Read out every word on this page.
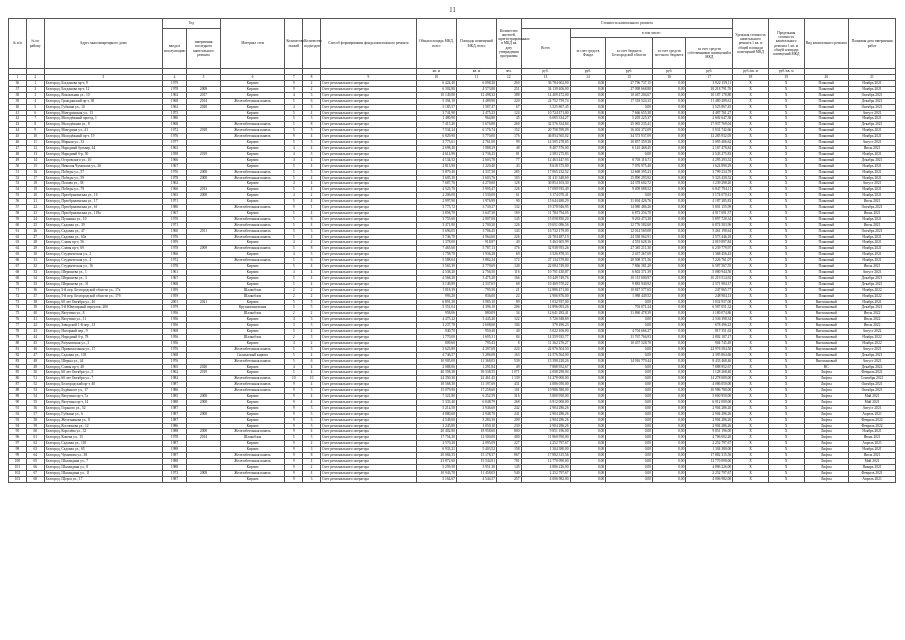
11
№ п/п	№ по району	Адрес многоквартирного дома	Год		Материал стен	Количество этажей	Количество подъездов	Способ формирования фонда капитального ремонта	Общая площадь МКД, всего	Площадь помещений МКД, всего	Количество жителей, зарегистрированных в МКД на дату утверждения программы	Стоимость капитального ремонта					Удельная стоимость капитального ремонта 1 кв. м общей площади помещений МКД	Предельная стоимость капитального ремонта 1 кв. м общей площади помещений МКД	Вид капитального ремонта	Плановая дата завершения работ
			ввода в эксплуатацию	завершения последнего капитального ремонта								Всего	в том числе:							
													за счет средств Фонда	за счет бюджета Белгородской области	за счет средств местного бюджета	за счет средств собственников помещений в МКД				
									кв. м	кв. м	чел.	руб.	руб.	руб.	руб.	руб.	руб./кв. м	руб./кв. м		
1	2	3	4	5	6	7	8	9	10	11	12	13	14	15	16	17	18	19	20	21
36	1	Белгород, Богданова пр-т, 9	1979		Кирпич	9	2	Счет регионального оператора	6 424,40	6 098,20	260	36 784 602,00	0,00	27 796 737,15	0,00	3 922 159,11	Х	Х	Плановый	Ноябрь 2021
37	2	Белгород, Богданова пр-т, 12	1978	2008	Кирпич	9	2	Счет регионального оператора	6 302,80	4 573,80	251	34 139 406,00	0,00	27 098 668,88	0,00	10 218 791,76	Х	Х	Плановый	Ноябрь 2021
38	3	Белгород, Вокзальная ул., 10	1962	2017	Кирпич	4	3	Счет регионального оператора	10 149,80	12 498,32	388	14 409 472,00	0,00	10 467 204,67	0,00	10 187 178,80	Х	Х	Плановый	Октябрь 2021
39	4	Белгород, Гражданский пр-т, 38	1968	2014	Железобетонная панель	5	6	Счет регионального оператора	5 394,10	4 489,90	220	24 752 759,74	0,00	17 318 524,33	0,00	11 480 289,61	Х	Х	Плановый	Декабрь 2021
40	5	Белгород, Губкина ул., 10	1962	2020	Кирпич	4	3	Счет регионального оператора	3 185,57	1 587,47	67	3 525 867,45	0,00	0,00	0,00	3 525 867,45	Х	Х	Плановый	Октябрь 2021
41	6	Белгород, Мичуринская ул., 13	1975		Кирпич	5	4	Счет регионального оператора	3 741,90	2 475,25	124	10 724 471,00	0,00	7 666 655,38	0,00	4 487 761,27	Х	Х	Плановый	Август 2021
42	7	Белгород, Молодёжный проезд, 1	1980		Кирпич	5	3	Счет регионального оператора	1 480,90	964,80	45	6 085 334,27	0,00	5 205 225,37	0,00	2 602 647,38	Х	Х	Плановый	Ноябрь 2021
43	8	Белгород, Молодёжная ул., 8	1968		Железобетонная панель	5	8	Счет регионального оператора	7 415,20	5 676,80	260	32 576 334,84	0,00	25 065 235,41	0,00	17 937 769,04	Х	Х	Плановый	Декабрь 2021
44	9	Белгород, Мичурина ул., 41	1972	2018	Железобетонная панель	5	5	Счет регионального оператора	7 534,24	6 176,74	152	20 758 599,09	0,00	16 402 372,09	0,00	5 031 742,66	Х	Х	Плановый	Ноябрь 2021
45	10	Белгород, Молодёжный пр-т, 19	1976		Железобетонная панель	9	4	Счет регионального оператора	6 829,90	5 770,00	176	46 854 565,02	0,00	34 373 937,09	0,00	12 285 932,05	Х	Х	Плановый	Ноябрь 2021
46	11	Белгород, Мирная ул., 33	1977		Кирпич	5	3	Счет регионального оператора	3 775,61	2 761,00	99	14 505 278,05	0,00	10 857 359,38	0,00	3 095 406,62	Х	Х	Плановый	Август 2021
47	12	Белгород, Народный бульвар, 44	1963		Кирпич	4	4	Счет регионального оператора	2 698,40	1 988,29	48	8 407 576,00	0,00	6 145 468,45	0,00	2 167 478,84	Х	Х	Плановый	Июль 2021
48	13	Белгород, Народный б-р, 50	1958	2019	Кирпич	4	3	Счет регионального оператора	4 614,90	2 736,25	81	2 583 275,83	0,00	0,00	0,00	2 543 275,83	Х	Х	Плановый	Ноябрь 2021
49	14	Белгород, Островского ул., 10	1966		Кирпич	4	4	Счет регионального оператора	4 134,52	2 603,78	77	12 463 447,93	0,00	8 703 116,71	0,00	4 295 293,52	Х	Х	Плановый	Декабрь 2021
50	15	Белгород, Николая Чумичова ул., 26	1967		Кирпич	5	4	Счет регионального оператора	2 813,90	1 220,40	43	8 618 375,00	0,00	7 076 975,40	0,00	1 624 890,29	Х	Х	Плановый	Ноябрь 2021
51	16	Белгород, Победы ул., 57	1976	2008	Железобетонная панель	5	5	Счет регионального оператора	5 879,40	4 337,30	285	17 065 232,52	0,00	12 668 395,23	0,00	3 799 234,78	Х	Х	Плановый	Ноябрь 2021
52	17	Белгород, Победы ул., 59	1978	2008	Железобетонная панель	5	4	Счет регионального оператора	3 605,30	2 603,76	103	31 411 348,69	0,00	15 890 293,92	0,00	5 323 430,52	Х	Х	Плановый	Ноябрь 2021
53	18	Белгород, Попова ул., 38	1962		Кирпич	4	4	Счет регионального оператора	7 687,70	4 270,00	128	30 854 103,30	0,00	24 378 602,72	0,00	1 239 298,20	Х	Х	Плановый	Август 2021
54	19	Белгород, Победы ул., 79	1966	2013	Кирпич	5	4	Счет регионального оператора	4 525,70	3 995,47	126	17 099 935,49	0,00	9 409 088,52	0,00	6 847 794,11	Х	Х	Плановый	Ноябрь 2021
55	20	Белгород, Преображенская ул., 16	1963	2008	Кирпич	4	2	Счет регионального оператора	2 206,00	1 530,00	61	3 174 070,41	0,00	0,00	0,00	3 174 070,41	Х	Х	Плановый	Ноябрь 2021
56	21	Белгород, Преображенская ул., 17	1971		Кирпич	5	4	Счет регионального оператора	2 997,90	1 976,99	90	15 644 480,29	0,00	11 694 426,76	0,00	4 187 285,83	Х	Х	Плановый	Июль 2021
57	22	Белгород, Преображенская ул., 61	1980		Железобетонная панель	9	1	Счет регионального оператора	3 775,72	3 739,27	132	19 378 946,95	0,00	14 080 486,26	0,00	5 801 155,99	Х	Х	Плановый	Октябрь 2021
58	23	Белгород, Преображенская ул., 118а	1967		Кирпич	5	4	Счет регионального оператора	3 858,70	3 647,30	169	11 784 794,05	0,00	6 872 254,78	0,00	4 917 691,57	Х	Х	Плановый	Июнь 2021
59	24	Белгород, Пушкина ул., 10	1970		Железобетонная панель	5	6	Счет регионального оператора	3 755,60	2 807,00	145	15 058 850,20	0,00	9 263 473,38	0,00	5 897 720,34	Х	Х	Плановый	Ноябрь 2021
60	25	Белгород, Садовая ул., 39	1971		Железобетонная панель	5	4	Счет регионального оператора	3 471,80	2 700,30	126	19 651 086,56	0,00	12 776 582,60	0,00	6 874 503,96	Х	Х	Плановый	Июль 2021
61	26	Белгород, Садовая ул., 47	1960	2011	Железобетонная панель	5	3	Счет регионального оператора	5 696,05	3 706,45	143	16 732 179,09	0,00	12 014 569,08	0,00	5 461 198,64	Х	Х	Плановый	Октябрь 2021
62	27	Белгород, Садовая ул., 65а	1976		Железобетонная панель	5	4	Счет регионального оператора	5 746,70	4 964,60	226	24 784 487,19	0,00	24 358 062,91	0,00	2 573 446,29	Х	Х	Плановый	Ноябрь 2021
63	28	Белгород, Славы пр-т, 56	1959		Кирпич	4	2	Счет регионального оператора	1 378,00	918,87	40	5 463 605,99	0,00	4 553 628,16	0,00	2 019 897,84	Х	Х	Плановый	Ноябрь 2021
64	29	Белгород, Славы пр-т, 69	1978	2009	Железобетонная панель	5	8	Счет регионального оператора	7 465,60	5 787,13	176	32 938 955,26	0,00	27 381 211,30	0,00	6 239 779,97	Х	Х	Плановый	Ноябрь 2021
65	30	Белгород, Студенческая ул., 2	1966		Кирпич	4	3	Счет регионального оператора	1 758,70	1 936,28	69	3 526 878,33	0,00	2 437 267,69	0,00	1 368 456,43	Х	Х	Плановый	Ноябрь 2021
66	31	Белгород, Студенческая ул., 4	1972		Железобетонная панель	5	6	Счет регионального оператора	5 588,64	3 882,24	172	27 134 379,80	0,00	20 308 371,56	0,00	7 226 761,07	Х	Х	Плановый	Ноябрь 2021
67	32	Белгород, Студенческая ул., 16	1978		Кирпич	5	4	Счет регионального оператора	3 565,39	2 779,69	140	22 084 749,00	0,00	7 866 381,20	0,00	6 587 567,55	Х	Х	Плановый	Июль 2021
68	33	Белгород, Шершнева ул., 1	1961		Кирпич	4	4	Счет регионального оператора	4 538,20	2 756,50	116	10 791 430,87	0,00	6 602 371,39	0,00	5 080 944,50	Х	Х	Плановый	Август 2021
69	34	Белгород, Шершнева ул., 3	1967		Кирпич	5	4	Счет регионального оператора	4 568,20	3 475,20	166	10 449 749,76	0,00	10 115 000,97	0,00	10 219 514,92	Х	Х	Плановый	Декабрь 2021
70	35	Белгород, Шершнева ул., 31	1968		Кирпич	5	4	Счет регионального оператора	3 149,89	2 337,65	69	10 469 570,22	0,00	9 883 940,92	0,00	2 371 984,17	Х	Х	Плановый	Декабрь 2021
71	36	Белгород, 5-й пер. Белгородской области ул., 17а	1959		Шлакоблок	2	2	Счет регионального оператора	1 018,39	795,50	21	12 886 471,00	0,00	10 847 577,65	0,00	247 965,77	Х	Х	Плановый	Ноябрь 2022
72	37	Белгород, 5-й пер. Белгородской области ул., 17б	1959		Шлакоблок	2	2	Счет регионального оператора	993,20	836,00	22	2 906 876,00	0,00	1 988 449,52	0,00	248 904,13	Х	Х	Плановый	Ноябрь 2022
73	38	Белгород, 60 лет Октября ул., 4б	2001	2021	Кирпич	5	5	Счет регионального оператора	6 891,30	3 985,10	89	1 032 937,00	0,00	0,00	0,00	1 032 937,00	Х	Х	Внеплановый	Ноябрь 2021
74	39	Белгород, 5-й Ювелирный переулок, 20б	1979		Крупнопанельная	5	5	Счет регионального оператора	5 351,04	4 396,10	206	14 896 093,26	0,00	703 071,24	0,00	6 587 051,32	Х	Х	Внеплановый	Декабрь 2021
75	40	Белгород, Ватутина ул., 8	1956		Шлакоблок	2	2	Счет регионального оператора	958,06	880,09	34	12 641 283,41	0,00	11 860 478,39	0,00	1 180 074,86	Х	Х	Внеплановый	Июль 2022
76	41	Белгород, Ватутина ул., 11	1956		Кирпич	4	3	Счет регионального оператора	4 475,22	3 445,20	122	5 726 948,69	0,00	0,00	0,00	2 536 398,34	Х	Х	Внеплановый	Июль 2022
77	42	Белгород, Заводской 1-й пер., 13	1956		Кирпич	3	3	Счет регионального оператора	3 237,70	2 608,60	104	578 496,23	0,00	0,00	0,00	678 496,23	Х	Х	Внеплановый	Июль 2022
78	43	Белгород, Нагорный пер., 9	1968		Кирпич	5	4	Счет регионального оператора	940,70	950,40	40	5 022 106,00	0,00	4 704 666,27	0,00	817 351,63	Х	Х	Внеплановый	Август 2022
79	44	Белгород, Народный б-р, 78	1956		Шлакоблок	2	3	Счет регионального оператора	1 770,00	1 695,31	84	14 559 935,77	0,00	11 767 766,93	0,00	2 802 107,17	Х	Х	Внеплановый	Ноябрь 2022
80	45	Белгород, Разумовская ул., 3	1956		Кирпич	4	2	Счет регионального оператора	809,60	795,43	8	11 362 276,27	0,00	10 457 528,78	0,00	904 745,49	Х	Х	Внеплановый	Ноябрь 2022
81	46	Белгород, Привокзальная ул., 17	1976		Железобетонная панель	5	5	Счет регионального оператора	5 623,80	4 397,69	224	22 976 504,50	0,00	0,00	0,00	22 976 504,50	Х	Х	Внеплановый	Август 2021
82	47	Белгород, Садовая ул., 103	1968		Силикатный кирпич	5	4	Счет регионального оператора	4 746,57	3 286,08	163	14 576 564,00	0,00	0,00	0,00	2 395 864,66	Х	Х	Внеплановый	Декабрь 2021
83	48	Белгород, Шерша ул., 44	1976		Железобетонная панель	5	6	Счет регионального оператора	10 905,00	11 368,05	539	15 398 228,26	0,00	14 916 779,44	0,00	8 433 468,46	Х	Х	Внеплановый	Август 2021
84	49	Белгород, Славы пр-т, 40	1965	2020	Кирпич	4	4	Счет регионального оператора	2 088,06	1 291,84	49	7 888 952,67	0,00	0,00	0,00	7 888 952,67	Х	Х	ВС	Декабрь 2022
85	50	Белгород, 60 лет Октября ул., 5	1962	2019	Кирпич	5	4	Счет регионального оператора	40 358,38	39 338,55	1 071	2 008 298,94	0,00	0,00	0,00	1 128 268,40	Х	Х	Лифты	Февраль 2021
86	51	Белгород, 60 лет Октября ул., 7	1982		Железобетонная панель	10	10	Счет регионального оператора	24 350,30	22 461,45	1 139	14 278 000,00	0,00	0,00	0,00	14 278 000,00	Х	Х	Лифты	Сентябрь 2021
87	52	Белгород, Белгородский пр-т, 40	1987		Железобетонная панель	9	4	Счет регионального оператора	18 568,30	11 197,69	431	4 086 050,00	0,00	0,00	0,00	4 086 050,00	Х	Х	Лифты	Октябрь 2021
88	53	Белгород, Будённого ул., 17	1986		Железобетонная панель	9	3	Счет регионального оператора	15 079,90	17 258,60	101	10 986 580,00	0,00	0,00	0,00	10 986 780,00	Х	Х	Лифты	Октябрь 2021
89	54	Белгород, Ватутина пр-т, 7а	1985	2008	Кирпич	9	4	Счет регионального оператора	7 321,80	6 252,59	316	5 800 950,00	0,00	0,00	0,00	5 800 950,00	Х	Х	Лифты	Май 2021
90	55	Белгород, Ватутина пр-т, 14	1988	2008	Кирпич	9	4	Счет регионального оператора	5 335,40	6 048,79	268	6 912 000,00	0,00	0,00	0,00	6 912 000,00	Х	Х	Лифты	Май 2021
91	56	Белгород, Горького ул., 52	1987		Кирпич	9	3	Счет регионального оператора	5 214,50	3 946,60	242	2 904 286,26	0,00	0,00	0,00	2 904 286,26	Х	Х	Лифты	Август 2021
92	57	Белгород, Губкина ул., 6	1987	2008	Кирпич	9	3	Счет регионального оператора	4 880,60	2 948,70	241	2 904 286,26	0,00	0,00	0,00	2 904 286,26	Х	Х	Лифты	Апрель 2021
93	58	Белгород, Железнякова ул., 8	1987		Кирпич	9	3	Счет регионального оператора	4 549,60	3 284,30	209	2 904 286,26	0,00	0,00	0,00	2 904 286,26	Х	Х	Лифты	Февраль 2022
94	59	Белгород, Костюкова ул., 12	1986		Кирпич	9	3	Счет регионального оператора	3 245,80	3 050,10	230	2 904 286,26	0,00	0,00	0,00	2 904 286,26	Х	Х	Лифты	Февраль 2022
95	60	Белгород, Королёва ул., 32	1988	2008	Железобетонная панель	9	4	Счет регионального оператора	20 402,80	18 958,60	800	9 851 196,00	0,00	0,00	0,00	9 851 196,00	Х	Х	Лифты	Ноябрь 2021
96	61	Белгород, Конева ул., 15	1978	2014	Шлакоблок	5	3	Счет регионального оператора	17 754,20	12 500,00	400	11 860 950,00	0,00	0,00	0,00	4 706 002,20	Х	Х	Лифты	Июнь 2021
97	62	Белгород, Садовая ул., 118	1987		Кирпич	9	2	Счет регионального оператора	2 570,20	2 095,09	227	2 252 797,67	0,00	0,00	0,00	2 252 797,67	Х	Х	Лифты	Апрель 2021
98	63	Белгород, Садовая ул., 65	1988		Кирпич	9	3	Счет регионального оператора	6 933,21	5 403,52	158	1 304 380,00	0,00	0,00	0,00	1 304 380,00	Х	Х	Лифты	Ноябрь 2021
99	64	Белгород, Чумичова ул., 38	1987		Железобетонная панель	9	8	Счет регионального оператора	20 084,55	15 178,37	867	17 882 315,56	0,00	0,00	0,00	17 882 315,56	Х	Х	Лифты	Июль 2021
100	65	Белгород, Шаландина ул., 7	1988		Железобетонная панель	9	4	Счет регионального оператора	23 872,60	15 544,91	781	12 770 090,00	0,00	0,00	0,00	12 770 090,00	Х	Х	Лифты	Май 2021
101	66	Белгород, Шаландина ул., 8	1988		Кирпич	9	2	Счет регионального оператора	5 259,50	3 951,30	145	4 886 226,00	0,00	0,00	0,00	4 886 226,00	Х	Х	Лифты	Январь 2021
102	67	Белгород, Шаландина ул., 11	1973	2008	Железобетонная панель	9	4	Счет регионального оператора	10 943,70	11 458,05	540	2 252 797,67	0,00	0,00	0,00	2 252 797,67	Х	Х	Лифты	Февраль 2021
103	68	Белгород, Щорса ул., 17	1987		Кирпич	9	3	Счет регионального оператора	5 164,67	4 544,57	257	4 006 982,00	0,00	0,00	0,00	4 006 982,00	Х	Х	Лифты	Апрель 2021
